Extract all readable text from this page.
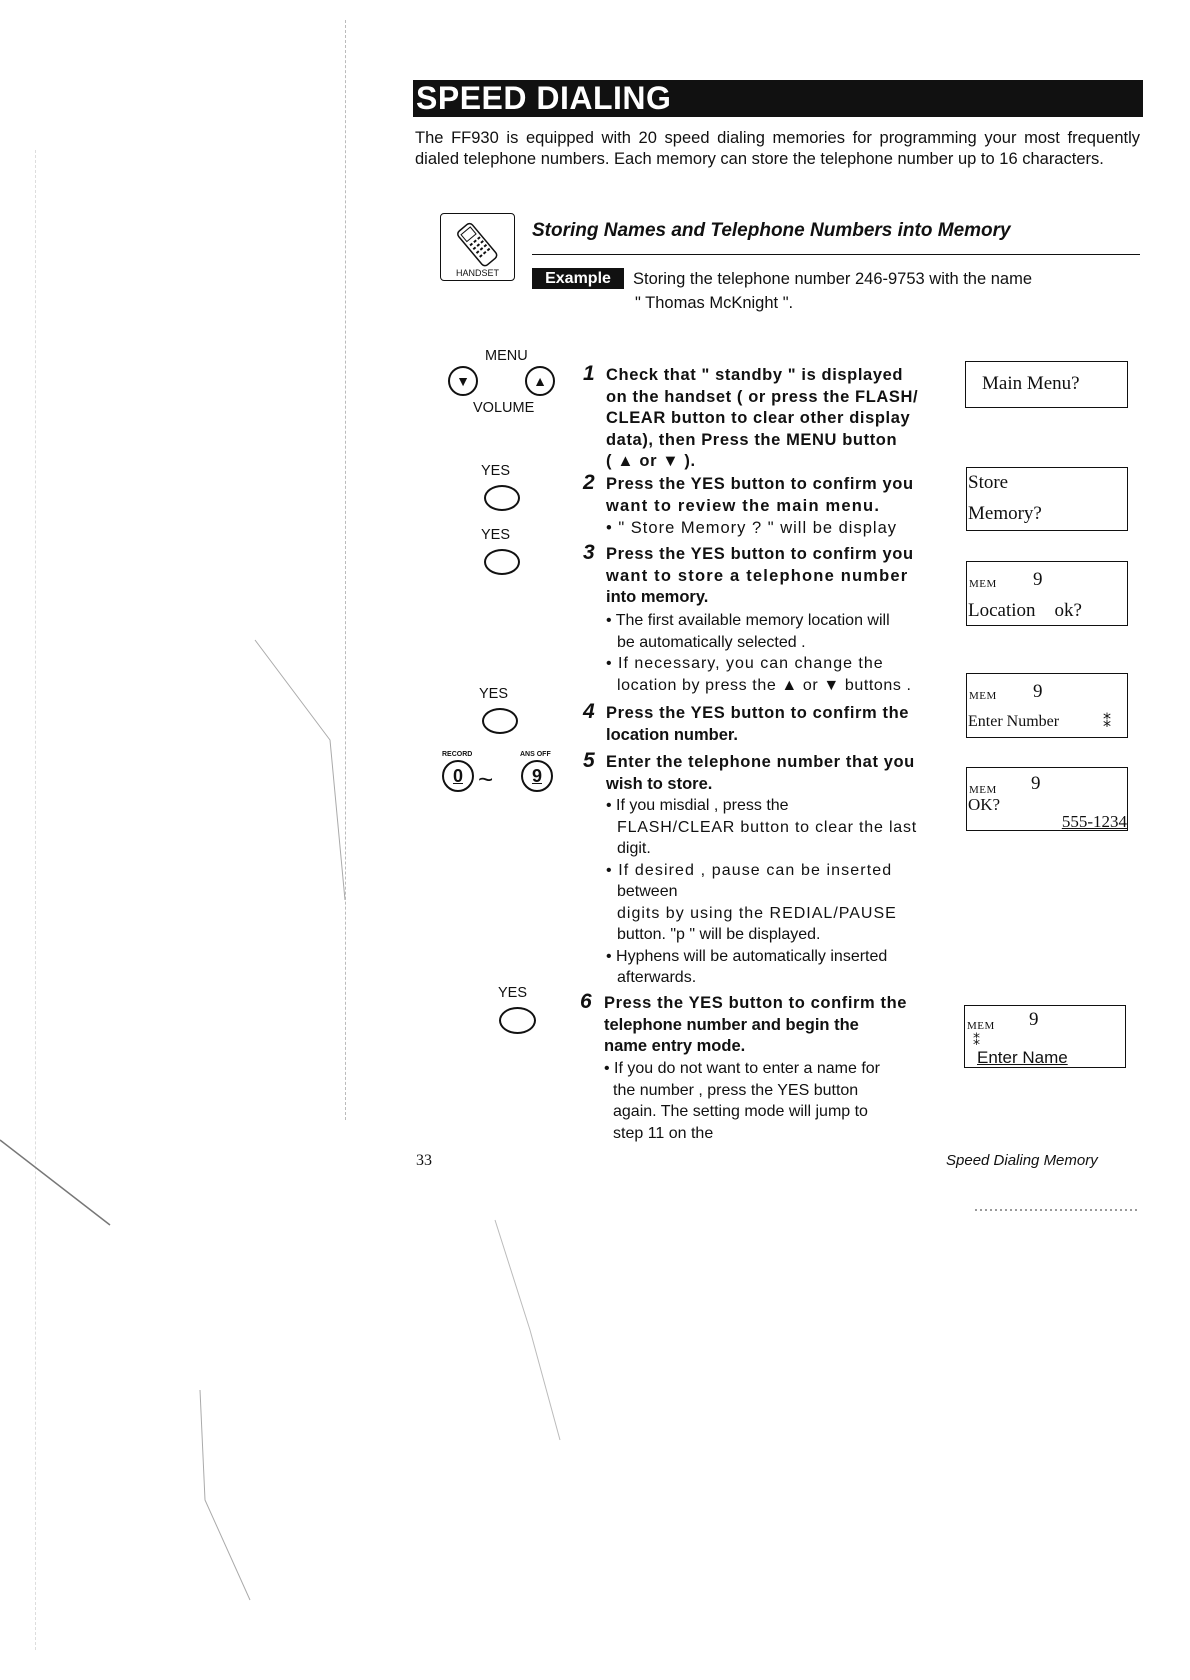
SPEED DIALING
The FF930 is equipped with 20 speed dialing memories for programming your most frequently dialed telephone numbers. Each memory can store the telephone number up to 16 characters.
HANDSET
Storing Names and Telephone Numbers into Memory
Example	Storing the telephone number 246-9753 with the name
" Thomas McKnight ".
MENU
▼	▲
VOLUME
YES
YES
YES
RECORD	ANS OFF
0 ~	9
YES
1 Check that " standby " is displayed
on the handset ( or press the FLASH/
CLEAR button to clear other display
data), then Press the MENU button
( ▲ or ▼ ).
2 Press the YES button to confirm you
want to review the main menu.
• " Store Memory ? " will be display
3 Press the YES button to confirm you
want to store a telephone number
into memory.
• The first available memory location will
be automatically selected .
• If necessary, you can change the
location by press the ▲ or ▼ buttons .
4 Press the YES button to confirm the
location number.
5 Enter the telephone number that you
wish to store.
• If you misdial , press the
FLASH/CLEAR button to clear the last
digit.
• If desired , pause can be inserted
between
digits by using the REDIAL/PAUSE
button. "p " will be displayed.
• Hyphens will be automatically inserted
afterwards.
6 Press the YES button to confirm the
telephone number and begin the
name entry mode.
• If you do not want to enter a name for
the number , press the YES button
again. The setting mode will jump to
step 11 on the
Main Menu?
Store
Memory?
MEM 9
Location    ok?
MEM 9
Enter Number	⁑
MEM 9
OK?
555-1234
MEM 9
⁑
Enter Name
33	Speed Dialing Memory
